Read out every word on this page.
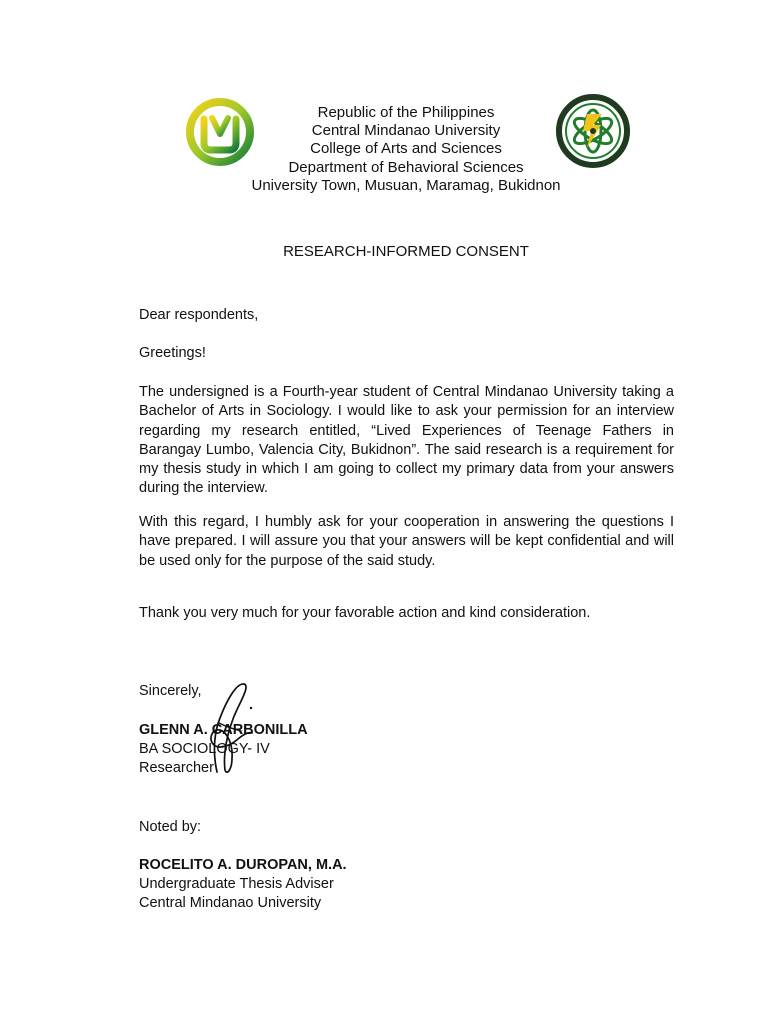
Republic of the Philippines
Central Mindanao University
College of Arts and Sciences
Department of Behavioral Sciences
University Town, Musuan, Maramag, Bukidnon
RESEARCH-INFORMED CONSENT
Dear respondents,
Greetings!
The undersigned is a Fourth-year student of Central Mindanao University taking a Bachelor of Arts in Sociology. I would like to ask your permission for an interview regarding my research entitled, “Lived Experiences of Teenage Fathers in Barangay Lumbo, Valencia City, Bukidnon”. The said research is a requirement for my thesis study in which I am going to collect my primary data from your answers during the interview.
With this regard, I humbly ask for your cooperation in answering the questions I have prepared. I will assure you that your answers will be kept confidential and will be used only for the purpose of the said study.
Thank you very much for your favorable action and kind consideration.
Sincerely,
GLENN A. CARBONILLA
BA SOCIOLOGY- IV
Researcher
Noted by:
ROCELITO A. DUROPAN, M.A.
Undergraduate Thesis Adviser
Central Mindanao University
